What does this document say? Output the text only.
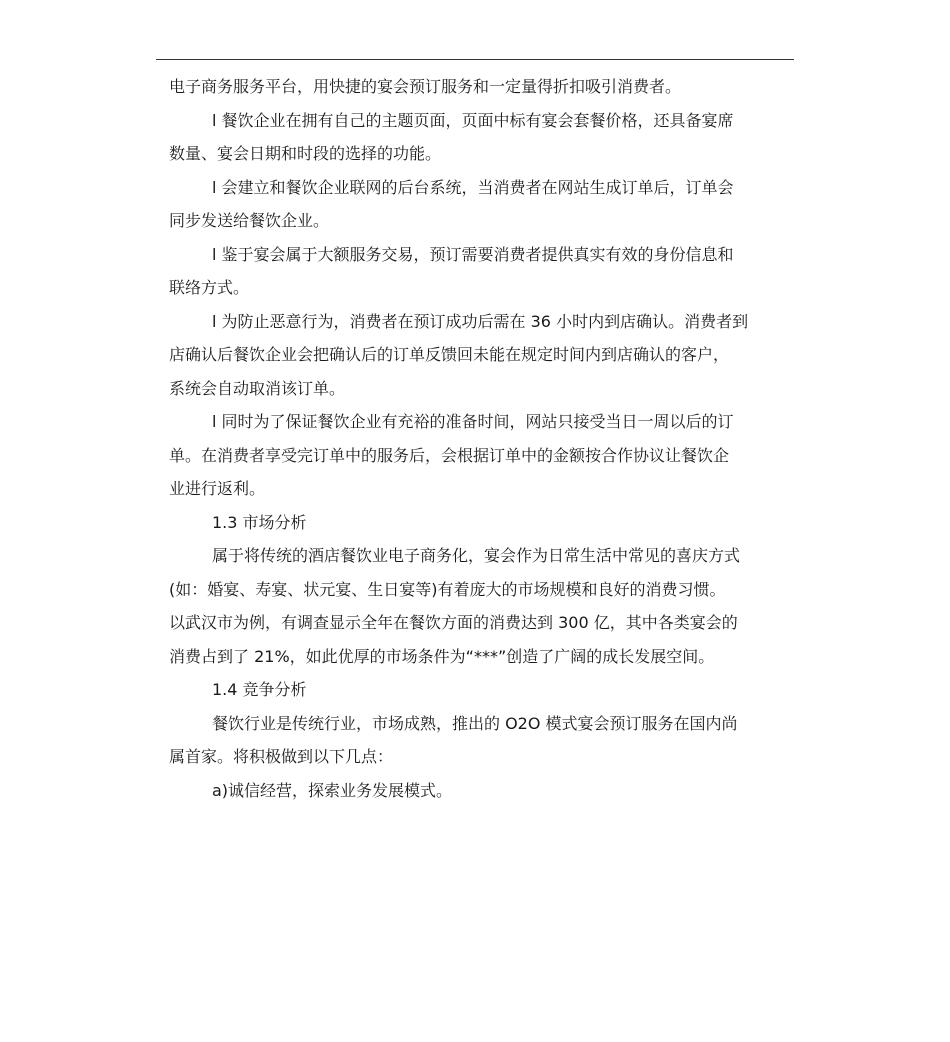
电子商务服务平台，用快捷的宴会预订服务和一定量得折扣吸引消费者。
l 餐饮企业在拥有自己的主题页面，页面中标有宴会套餐价格，还具备宴席
数量、宴会日期和时段的选择的功能。
l 会建立和餐饮企业联网的后台系统，当消费者在网站生成订单后，订单会
同步发送给餐饮企业。
l 鉴于宴会属于大额服务交易，预订需要消费者提供真实有效的身份信息和
联络方式。
l 为防止恶意行为，消费者在预订成功后需在 36 小时内到店确认。消费者到
店确认后餐饮企业会把确认后的订单反馈回未能在规定时间内到店确认的客户，
系统会自动取消该订单。
l 同时为了保证餐饮企业有充裕的准备时间，网站只接受当日一周以后的订
单。在消费者享受完订单中的服务后，会根据订单中的金额按合作协议让餐饮企
业进行返利。
1.3 市场分析
属于将传统的酒店餐饮业电子商务化，宴会作为日常生活中常见的喜庆方式
(如：婚宴、寿宴、状元宴、生日宴等)有着庞大的市场规模和良好的消费习惯。
以武汉市为例，有调查显示全年在餐饮方面的消费达到 300 亿，其中各类宴会的
消费占到了 21%，如此优厚的市场条件为“***”创造了广阔的成长发展空间。
1.4 竞争分析
餐饮行业是传统行业，市场成熟，推出的 O2O 模式宴会预订服务在国内尚
属首家。将积极做到以下几点：
a)诚信经营，探索业务发展模式。
